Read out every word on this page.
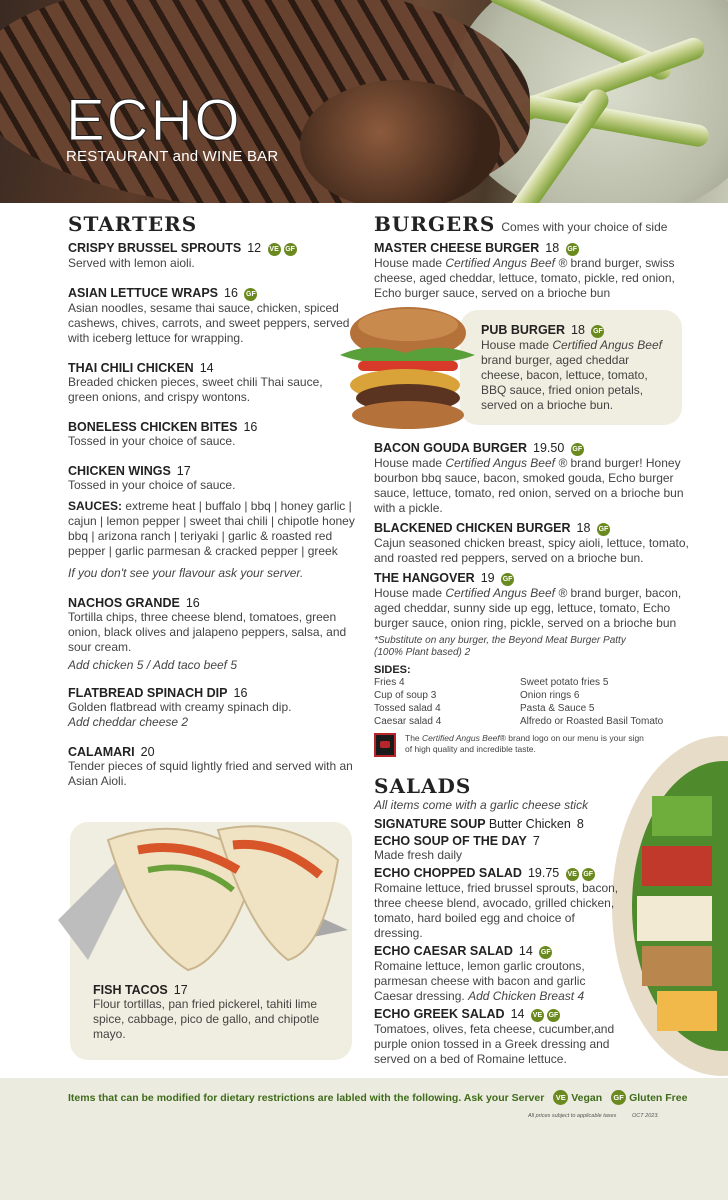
ECHO
RESTAURANT and WINE BAR
STARTERS
CRISPY BRUSSEL SPROUTS 12 VE GF
Served with lemon aioli.
ASIAN LETTUCE WRAPS 16 GF
Asian noodles, sesame thai sauce, chicken, spiced cashews, chives, carrots, and sweet peppers, served with iceberg lettuce for wrapping.
THAI CHILI CHICKEN 14
Breaded chicken pieces, sweet chili Thai sauce, green onions, and crispy wontons.
BONELESS CHICKEN BITES 16
Tossed in your choice of sauce.
CHICKEN WINGS 17
Tossed in your choice of sauce.
SAUCES: extreme heat | buffalo | bbq | honey garlic | cajun | lemon pepper | sweet thai chili | chipotle honey bbq | arizona ranch | teriyaki | garlic & roasted red pepper | garlic parmesan & cracked pepper | greek
If you don't see your flavour ask your server.
NACHOS GRANDE 16
Tortilla chips, three cheese blend, tomatoes, green onion, black olives and jalapeno peppers, salsa, and sour cream.
Add chicken 5 / Add taco beef 5
FLATBREAD SPINACH DIP 16
Golden flatbread with creamy spinach dip.
Add cheddar cheese 2
CALAMARI 20
Tender pieces of squid lightly fried and served with an Asian Aioli.
FISH TACOS 17
Flour tortillas, pan fried pickerel, tahiti lime spice, cabbage, pico de gallo, and chipotle mayo.
BURGERS Comes with your choice of side
MASTER CHEESE BURGER 18 GF
House made Certified Angus Beef ® brand burger, swiss cheese, aged cheddar, lettuce, tomato, pickle, red onion, Echo burger sauce, served on a brioche bun
PUB BURGER 18 GF
House made Certified Angus Beef brand burger, aged cheddar cheese, bacon, lettuce, tomato, BBQ sauce, fried onion petals, served on a brioche bun.
BACON GOUDA BURGER 19.50 GF
House made Certified Angus Beef ® brand burger! Honey bourbon bbq sauce, bacon, smoked gouda, Echo burger sauce, lettuce, tomato, red onion, served on a brioche bun with a pickle.
BLACKENED CHICKEN BURGER 18 GF
Cajun seasoned chicken breast, spicy aioli, lettuce, tomato, and roasted red peppers, served on a brioche bun.
THE HANGOVER 19 GF
House made Certified Angus Beef ® brand burger, bacon, aged cheddar, sunny side up egg, lettuce, tomato, Echo burger sauce, onion ring, pickle, served on a brioche bun
*Substitute on any burger, the Beyond Meat Burger Patty (100% Plant based) 2
SIDES:
Fries 4	Sweet potato fries 5
Cup of soup 3	Onion rings 6
Tossed salad 4	Pasta & Sauce 5
Caesar salad 4	Alfredo or Roasted Basil Tomato
The Certified Angus Beef® brand logo on our menu is your sign of high quality and incredible taste.
SALADS
All items come with a garlic cheese stick
SIGNATURE SOUP Butter Chicken 8
ECHO SOUP OF THE DAY 7
Made fresh daily
ECHO CHOPPED SALAD 19.75 VE GF
Romaine lettuce, fried brussel sprouts, bacon, three cheese blend, avocado, grilled chicken, tomato, hard boiled egg and choice of dressing.
ECHO CAESAR SALAD 14 GF
Romaine lettuce, lemon garlic croutons, parmesan cheese with bacon and garlic Caesar dressing. Add Chicken Breast 4
ECHO GREEK SALAD 14 VE GF
Tomatoes, olives, feta cheese, cucumber,and purple onion tossed in a Greek dressing and served on a bed of Romaine lettuce.
Items that can be modified for dietary restrictions are labled with the following. Ask your Server VE Vegan GF Gluten Free
All prices subject to applicable taxes	OCT 2023.
